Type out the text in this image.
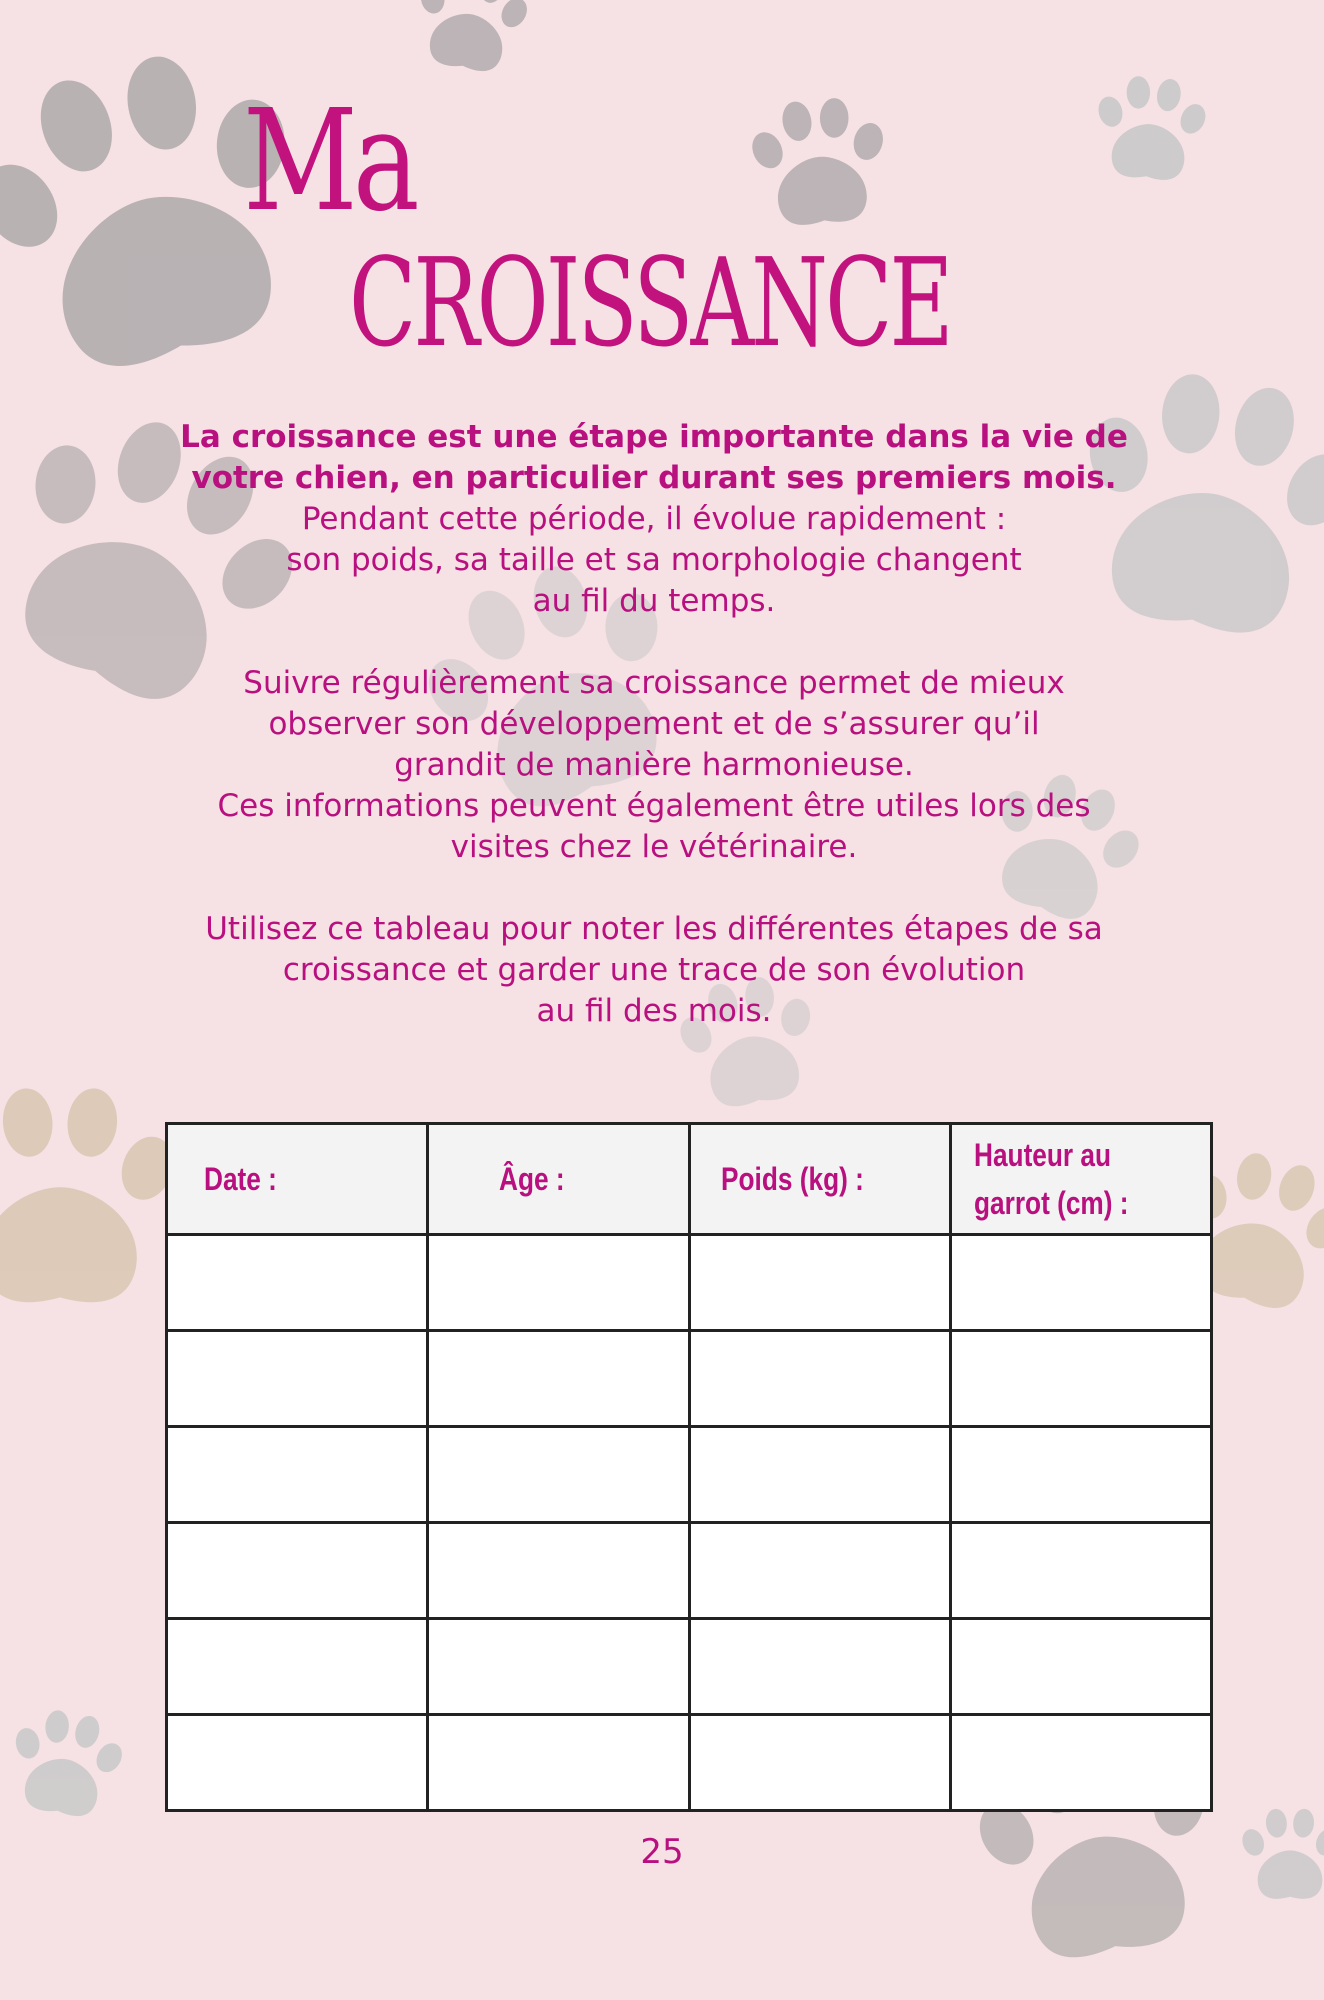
Ma
CROISSANCE

La croissance est une étape importante dans la vie de
votre chien, en particulier durant ses premiers mois.
Pendant cette période, il évolue rapidement :
son poids, sa taille et sa morphologie changent
au fil du temps.

Suivre régulièrement sa croissance permet de mieux
observer son développement et de s’assurer qu’il
grandit de manière harmonieuse.
Ces informations peuvent également être utiles lors des
visites chez le vétérinaire.

Utilisez ce tableau pour noter les différentes étapes de sa
croissance et garder une trace de son évolution
au fil des mois.

Date :	Âge :	Poids (kg) :	Hauteur au
garrot (cm) :

25
